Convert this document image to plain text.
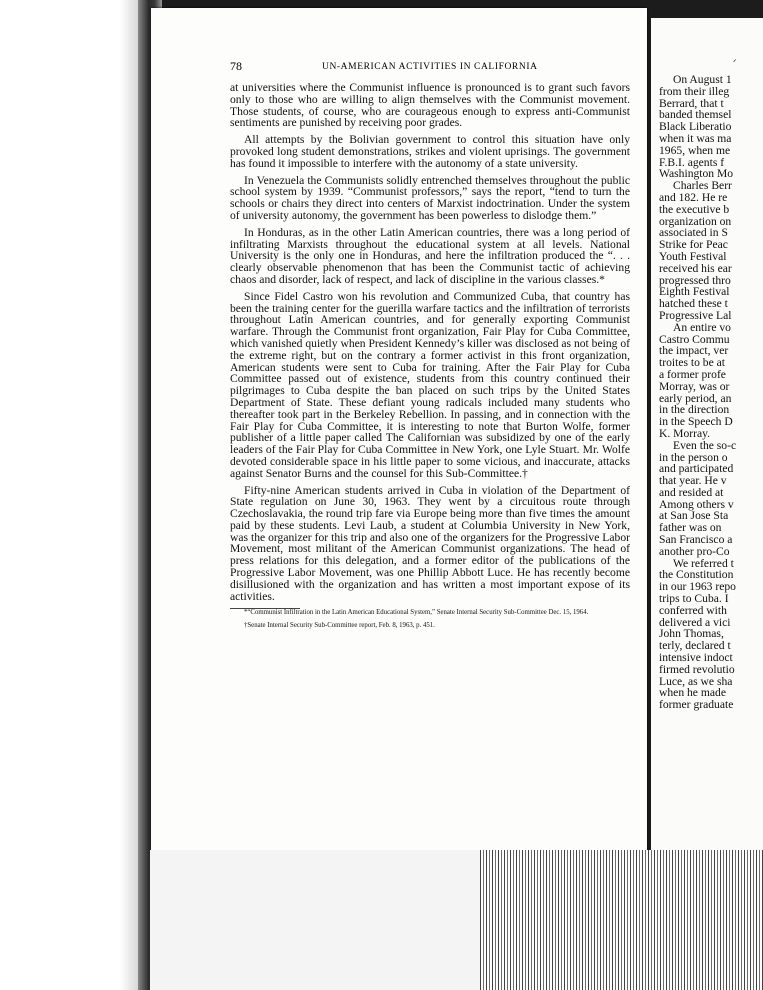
78	UN-AMERICAN ACTIVITIES IN CALIFORNIA

at universities where the Communist influence is pronounced is to grant such favors only to those who are willing to align themselves with the Communist movement. Those students, of course, who are courageous enough to express anti-Communist sentiments are punished by receiving poor grades.

All attempts by the Bolivian government to control this situation have only provoked long student demonstrations, strikes and violent uprisings. The government has found it impossible to interfere with the autonomy of a state university.

In Venezuela the Communists solidly entrenched themselves throughout the public school system by 1939. “Communist professors,” says the report, “tend to turn the schools or chairs they direct into centers of Marxist indoctrination. Under the system of university autonomy, the government has been powerless to dislodge them.”

In Honduras, as in the other Latin American countries, there was a long period of infiltrating Marxists throughout the educational system at all levels. National University is the only one in Honduras, and here the infiltration produced the “. . . clearly observable phenomenon that has been the Communist tactic of achieving chaos and disorder, lack of respect, and lack of discipline in the various classes.*

Since Fidel Castro won his revolution and Communized Cuba, that country has been the training center for the guerilla warfare tactics and the infiltration of terrorists throughout Latin American countries, and for generally exporting Communist warfare. Through the Communist front organization, Fair Play for Cuba Committee, which vanished quietly when President Kennedy’s killer was disclosed as not being of the extreme right, but on the contrary a former activist in this front organization, American students were sent to Cuba for training. After the Fair Play for Cuba Committee passed out of existence, students from this country continued their pilgrimages to Cuba despite the ban placed on such trips by the United States Department of State. These defiant young radicals included many students who thereafter took part in the Berkeley Rebellion. In passing, and in connection with the Fair Play for Cuba Committee, it is interesting to note that Burton Wolfe, former publisher of a little paper called The Californian was subsidized by one of the early leaders of the Fair Play for Cuba Committee in New York, one Lyle Stuart. Mr. Wolfe devoted considerable space in his little paper to some vicious, and inaccurate, attacks against Senator Burns and the counsel for this Sub-Committee.†

Fifty-nine American students arrived in Cuba in violation of the Department of State regulation on June 30, 1963. They went by a circuitous route through Czechoslavakia, the round trip fare via Europe being more than five times the amount paid by these students. Levi Laub, a student at Columbia University in New York, was the organizer for this trip and also one of the organizers for the Progressive Labor Movement, most militant of the American Communist organizations. The head of press relations for this delegation, and a former editor of the publications of the Progressive Labor Movement, was one Phillip Abbott Luce. He has recently become disillusioned with the organization and has written a most important expose of its activities.

*“Communist Infiltration in the Latin American Educational System,” Senate Internal Security Sub-Committee Dec. 15, 1964.

†Senate Internal Security Sub-Committee report, Feb. 8, 1963, p. 451.

ᐟ
On August 1
from their illeg
Berrard, that t
banded themsel
Black Liberatio
when it was ma
1965, when me
F.B.I. agents f
Washington Mo
Charles Berr
and 182. He re
the executive b
organization on
associated in S
Strike for Peac
Youth Festival
received his ear
progressed thro
Eighth Festival
hatched these t
Progressive Lal
An entire vo
Castro Commu
the impact, ver
troites to be at
a former profe
Morray, was or
early period, an
in the direction
in the Speech D
K. Morray.
Even the so-c
in the person o
and participated
that year. He v
and resided at
Among others v
at San Jose Sta
father was on
San Francisco a
another pro-Co
We referred t
the Constitution
in our 1963 repo
trips to Cuba. I
conferred with
delivered a vici
John Thomas,
terly, declared t
intensive indoct
firmed revolutio
Luce, as we sha
when he made
former graduate
